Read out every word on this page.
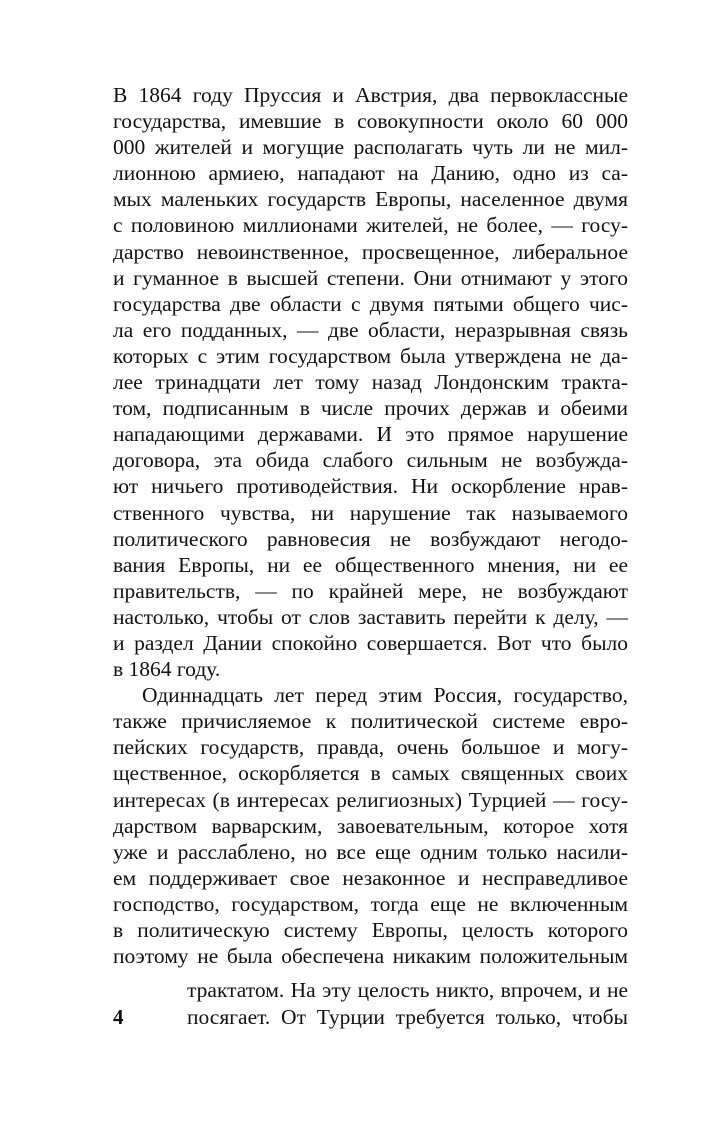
В 1864 году Пруссия и Австрия, два первоклассные
государства, имевшие в совокупности около 60 000
000 жителей и могущие располагать чуть ли не мил-
лионною армиею, нападают на Данию, одно из са-
мых маленьких государств Европы, населенное двумя
с половиною миллионами жителей, не более, — госу-
дарство невоинственное, просвещенное, либеральное
и гуманное в высшей степени. Они отнимают у этого
государства две области с двумя пятыми общего чис-
ла его подданных, — две области, неразрывная связь
которых с этим государством была утверждена не да-
лее тринадцати лет тому назад Лондонским тракта-
том, подписанным в числе прочих держав и обеими
нападающими державами. И это прямое нарушение
договора, эта обида слабого сильным не возбужда-
ют ничьего противодействия. Ни оскорбление нрав-
ственного чувства, ни нарушение так называемого
политического равновесия не возбуждают негодо-
вания Европы, ни ее общественного мнения, ни ее
правительств, — по крайней мере, не возбуждают
настолько, чтобы от слов заставить перейти к делу, —
и раздел Дании спокойно совершается. Вот что было
в 1864 году.
Одиннадцать лет перед этим Россия, государство,
также причисляемое к политической системе евро-
пейских государств, правда, очень большое и могу-
щественное, оскорбляется в самых священных своих
интересах (в интересах религиозных) Турцией — госу-
дарством варварским, завоевательным, которое хотя
уже и расслаблено, но все еще одним только насили-
ем поддерживает свое незаконное и несправедливое
господство, государством, тогда еще не включенным
в политическую систему Европы, целость которого
поэтому не была обеспечена никаким положительным
трактатом. На эту целость никто, впрочем, и не
посягает. От Турции требуется только, чтобы
4
